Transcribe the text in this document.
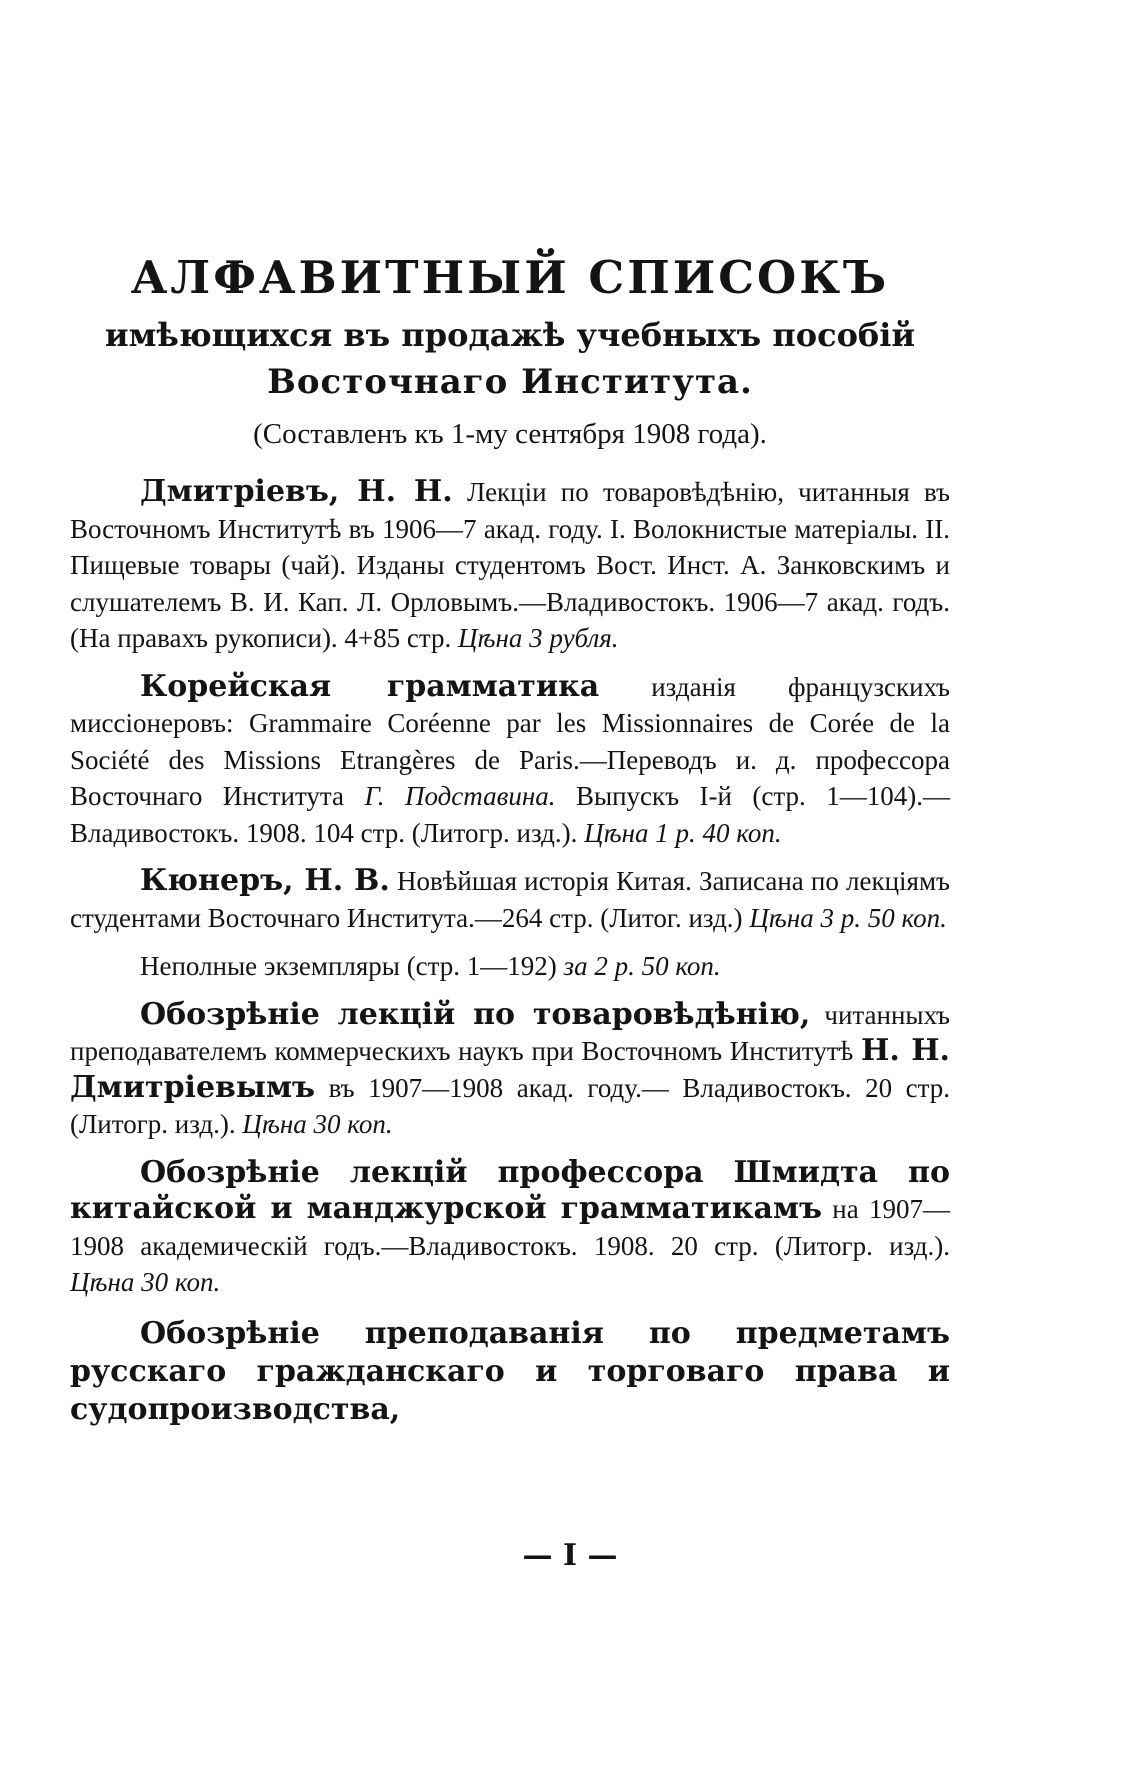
АЛФАВИТНЫЙ СПИСОКЪ
имѣющихся въ продажѣ учебныхъ пособій
Восточнаго Института.
(Составленъ къ 1-му сентября 1908 года).

Дмитріевъ, Н. Н. Лекціи по товаровѣдѣнію, читанныя въ Восточномъ Институтѣ въ 1906—7 акад. году. I. Волокнистые матеріалы. II. Пищевые товары (чай). Изданы студентомъ Вост. Инст. А. Занковскимъ и слушателемъ В. И. Кап. Л. Орловымъ.—Владивостокъ. 1906—7 акад. годъ. (На правахъ рукописи). 4+85 стр. Цѣна 3 рубля.

Корейская грамматика изданія французскихъ миссіонеровъ: Grammaire Coréenne par les Missionnaires de Corée de la Société des Missions Etrangères de Paris.—Переводъ и. д. профессора Восточнаго Института Г. Подставина. Выпускъ I-й (стр. 1—104).—Владивостокъ. 1908. 104 стр. (Литогр. изд.). Цѣна 1 р. 40 коп.

Кюнеръ, Н. В. Новѣйшая исторія Китая. Записана по лекціямъ студентами Восточнаго Института.—264 стр. (Литог. изд.) Цѣна 3 р. 50 коп.

Неполные экземпляры (стр. 1—192) за 2 р. 50 коп.

Обозрѣніе лекцій по товаровѣдѣнію, читанныхъ преподавателемъ коммерческихъ наукъ при Восточномъ Институтѣ Н. Н. Дмитріевымъ въ 1907—1908 акад. году.— Владивостокъ. 20 стр. (Литогр. изд.). Цѣна 30 коп.

Обозрѣніе лекцій профессора Шмидта по китайской и манджурской грамматикамъ на 1907—1908 академическій годъ.—Владивостокъ. 1908. 20 стр. (Литогр. изд.). Цѣна 30 коп.

Обозрѣніе преподаванія по предметамъ русскаго гражданскаго и торговаго права и судопроизводства,

— I —
